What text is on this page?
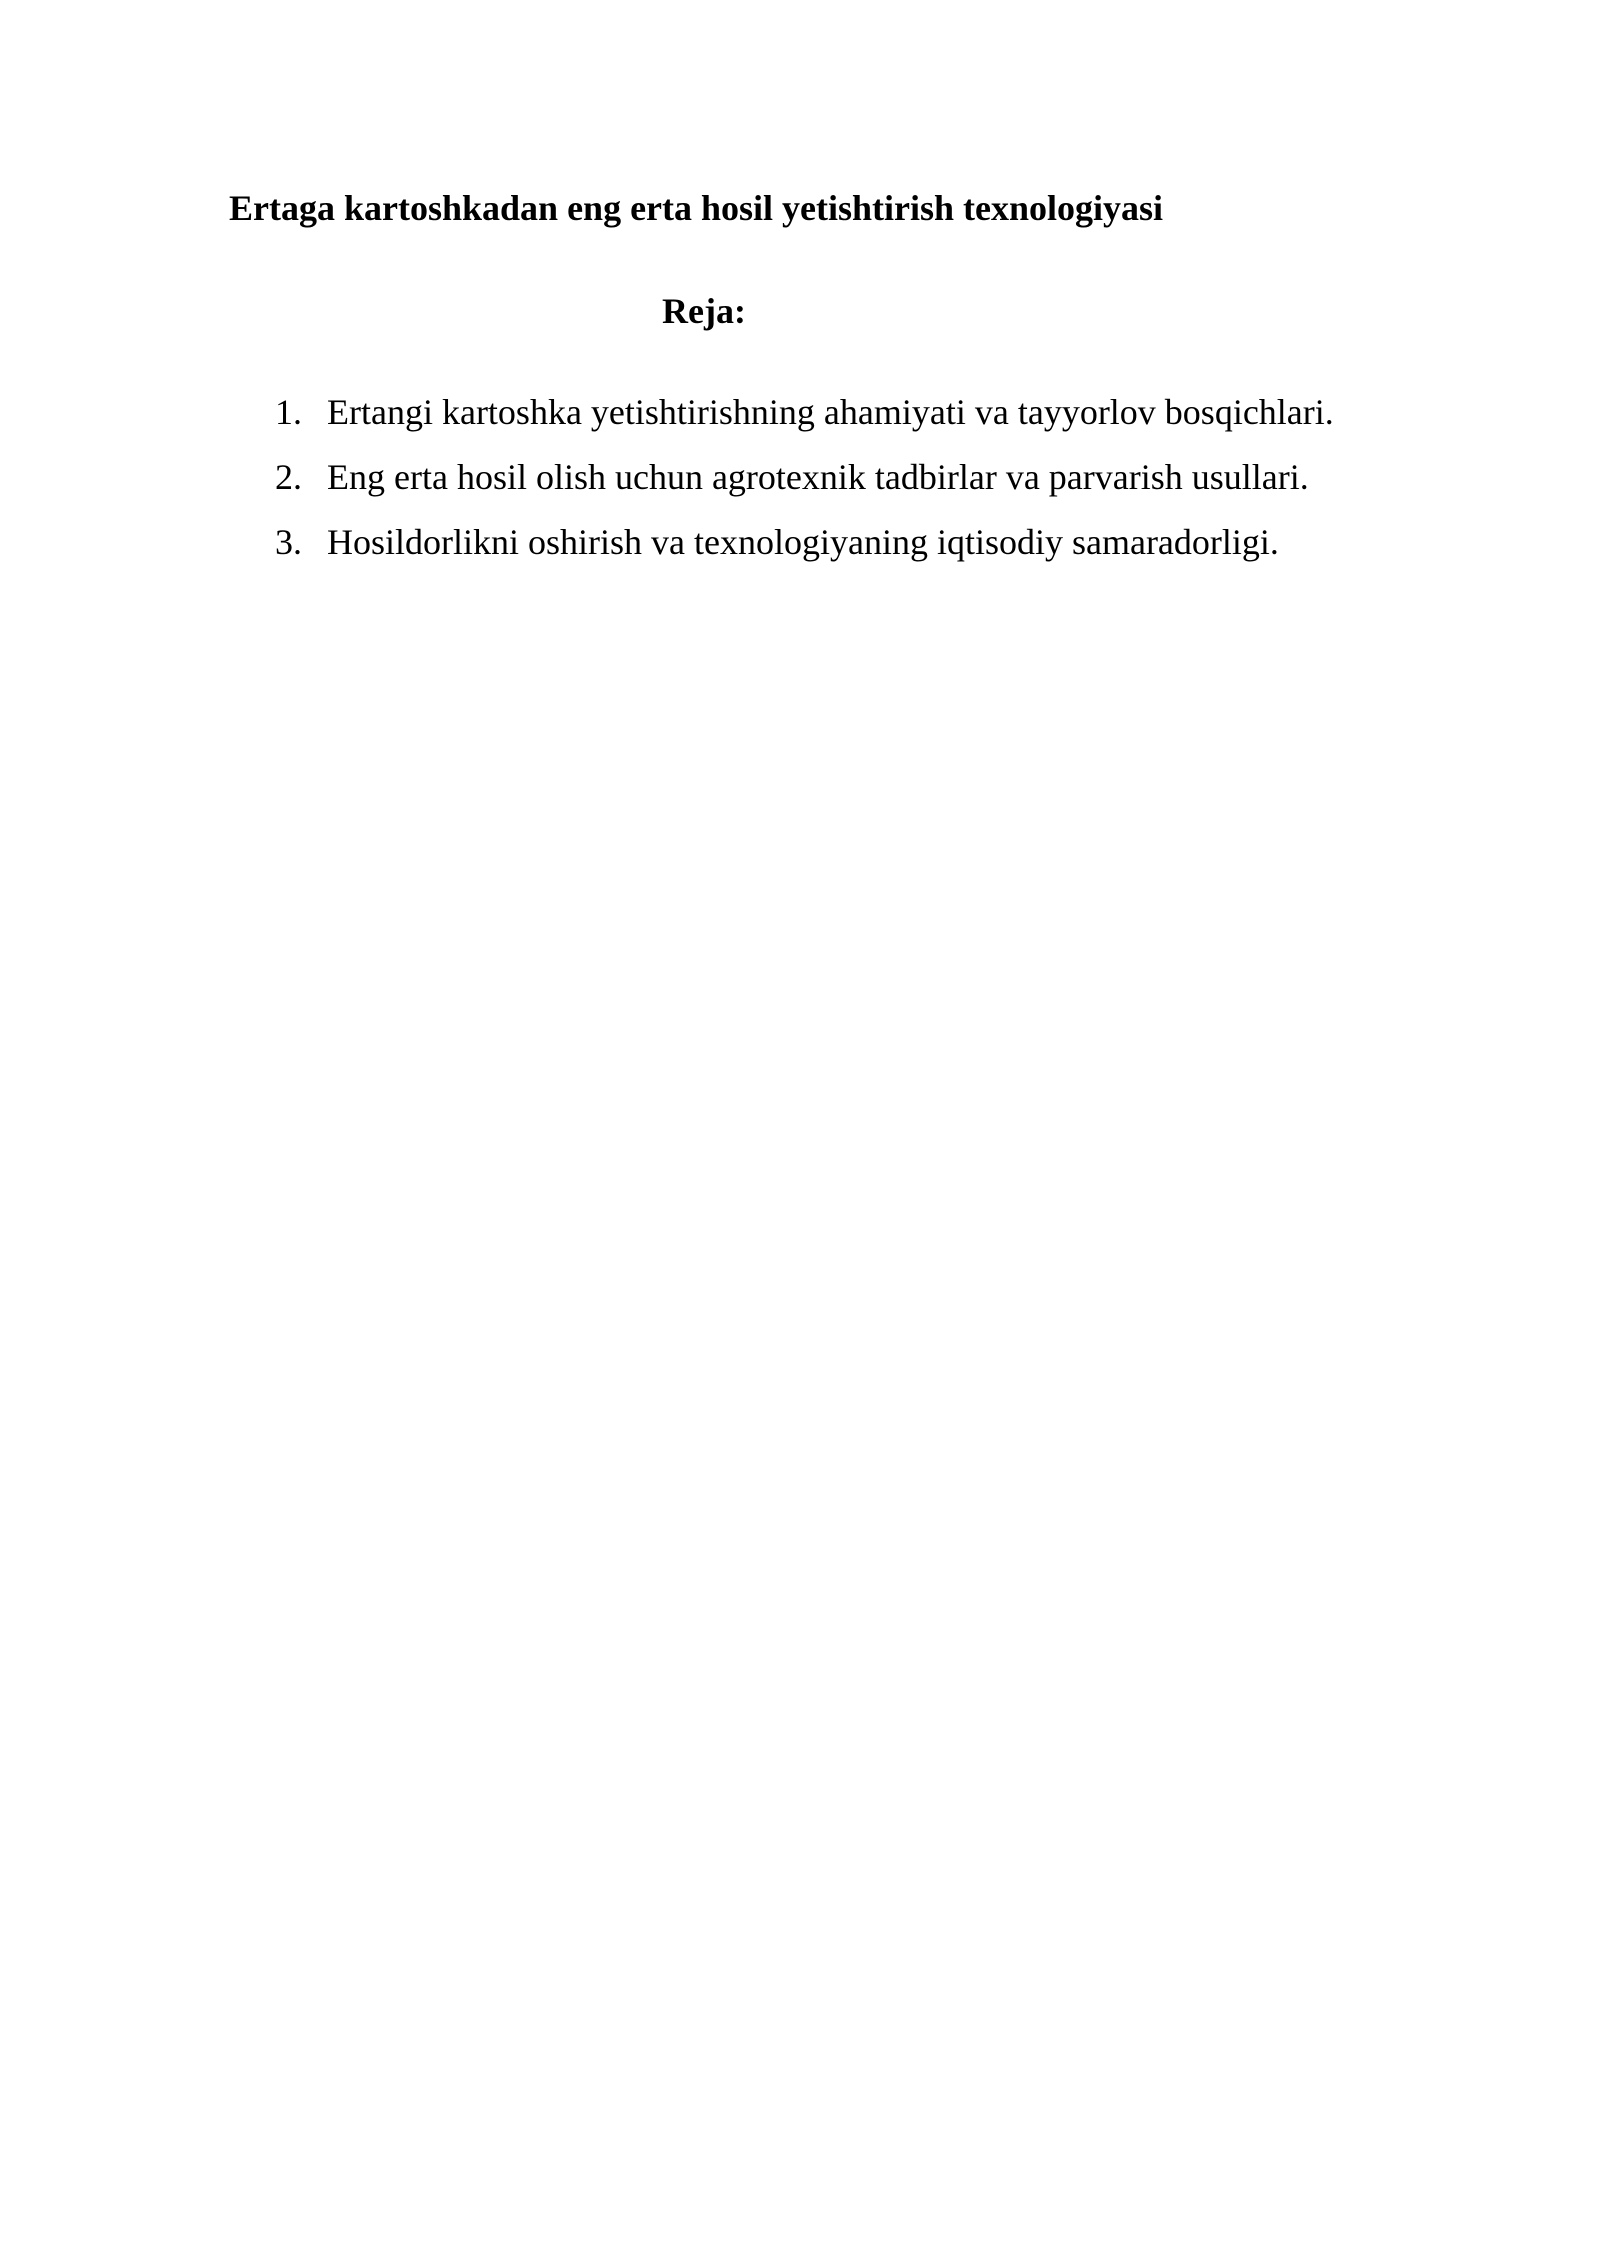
Ertaga kartoshkadan eng erta hosil yetishtirish texnologiyasi
Reja:
1. Ertangi kartoshka yetishtirishning ahamiyati va tayyorlov bosqichlari.
2. Eng erta hosil olish uchun agrotexnik tadbirlar va parvarish usullari.
3. Hosildorlikni oshirish va texnologiyaning iqtisodiy samaradorligi.
